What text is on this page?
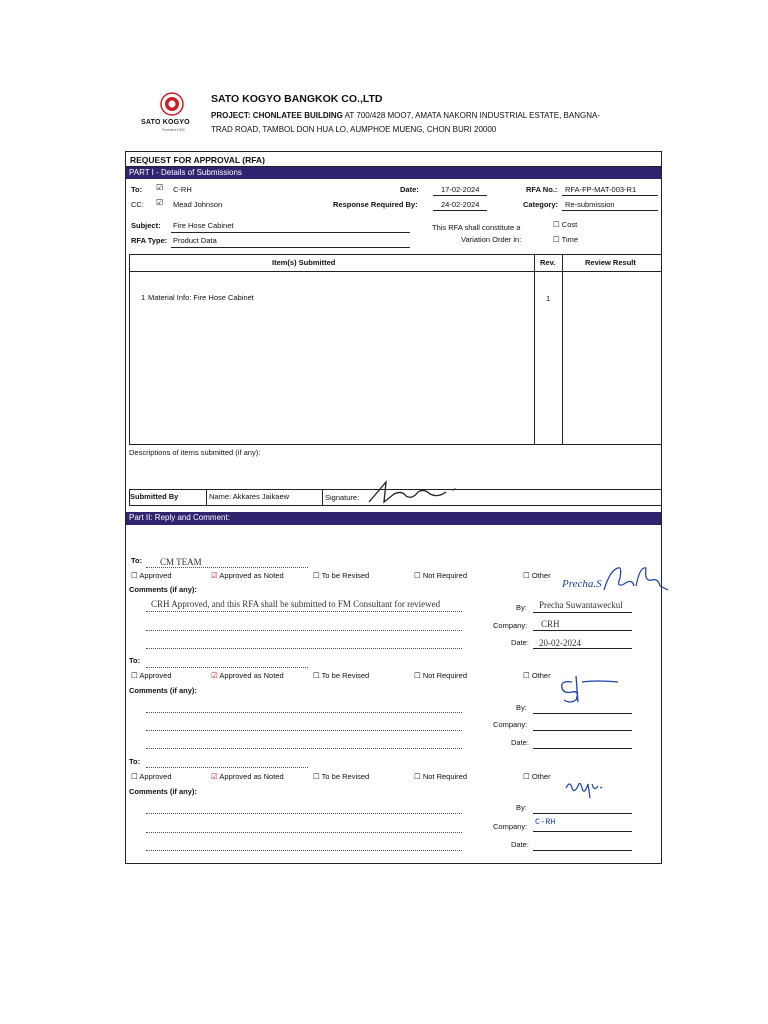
SATO KOGYO
Founded 1903
SATO KOGYO BANGKOK CO.,LTD
PROJECT: CHONLATEE BUILDING AT 700/428 MOO7, AMATA NAKORN INDUSTRIAL ESTATE, BANGNA-
TRAD ROAD, TAMBOL DON HUA LO, AUMPHOE MUENG, CHON BURI 20000
REQUEST FOR APPROVAL (RFA)
PART I - Details of Submissions
To: ☑ C-RH
CC: ☑ Mead Johnson
Date:	17-02-2024
Response Required By:	24-02-2024
RFA No.: RFA-FP-MAT-003-R1
Category: Re-submission
Subject: Fire Hose Cabinet
RFA Type: Product Data
This RFA shall constitute a
Variation Order in:
☐ Cost
☐ Time
Item(s) Submitted	Rev.	Review Result
1 Material Info: Fire Hose Cabinet	1
Descriptions of items submitted (if any):
Submitted By	Name: Akkares Jaikaew	Signature:
Part II: Reply and Comment:
To: CM TEAM
☐ Approved	☑ Approved as Noted	☐ To be Revised	☐ Not Required	☐ Other
Comments (if any):
CRH Approved, and this RFA shall be submitted to FM Consultant for reviewed	By: Precha Suwantaweckul
Company: CRH
Date: 20-02-2024
Precha.S
To:
☐ Approved	☑ Approved as Noted	☐ To be Revised	☐ Not Required	☐ Other
Comments (if any):
By:
Company:
Date:
To:
☐ Approved	☑ Approved as Noted	☐ To be Revised	☐ Not Required	☐ Other
Comments (if any):
By:
Company: C-RH
Date:
